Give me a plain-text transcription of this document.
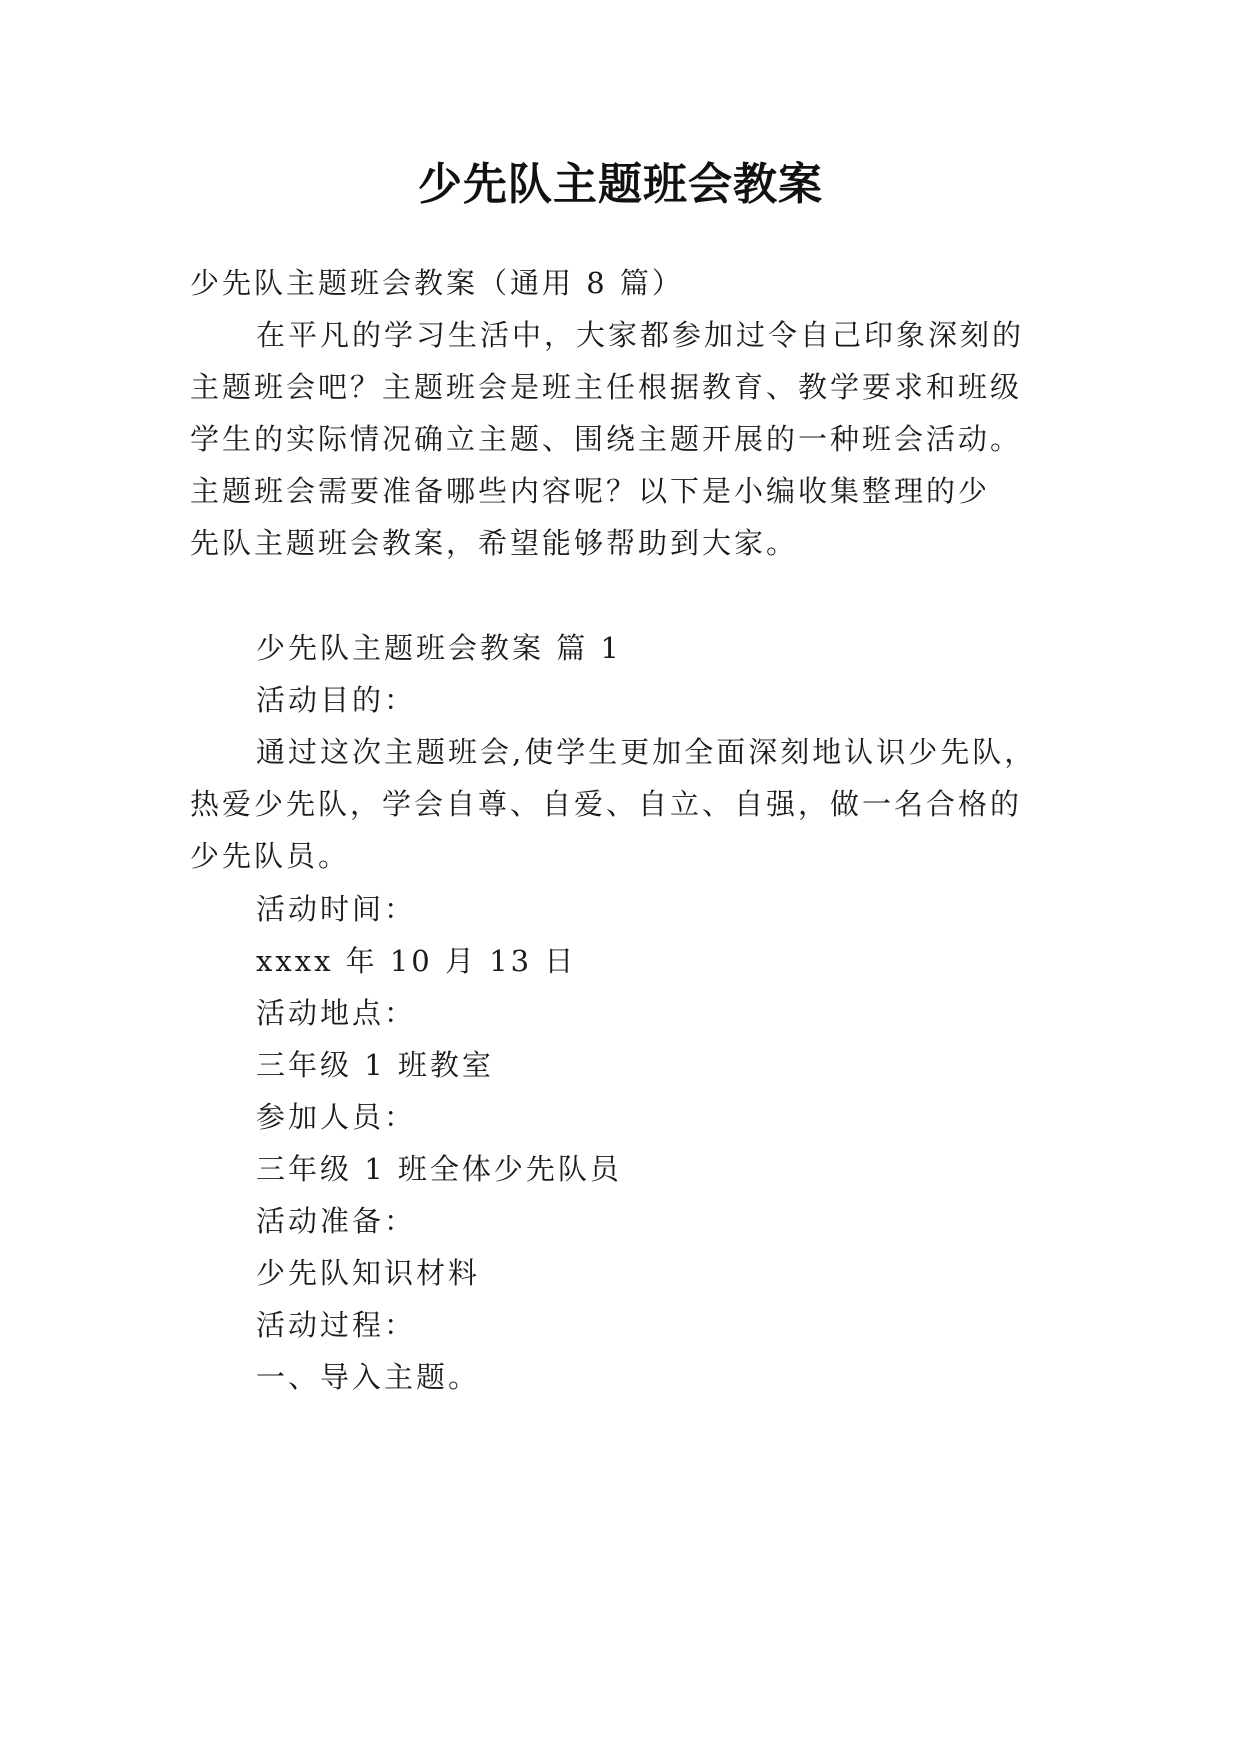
少先队主题班会教案

少先队主题班会教案（通用 8 篇）

在平凡的学习生活中，大家都参加过令自己印象深刻的

主题班会吧？主题班会是班主任根据教育、教学要求和班级

学生的实际情况确立主题、围绕主题开展的一种班会活动。

主题班会需要准备哪些内容呢？以下是小编收集整理的少

先队主题班会教案，希望能够帮助到大家。

少先队主题班会教案 篇 1

活动目的：

通过这次主题班会,使学生更加全面深刻地认识少先队，

热爱少先队，学会自尊、自爱、自立、自强，做一名合格的

少先队员。

活动时间：

xxxx 年 10 月 13 日

活动地点：

三年级 1 班教室

参加人员：

三年级 1 班全体少先队员

活动准备：

少先队知识材料

活动过程：

一、导入主题。
